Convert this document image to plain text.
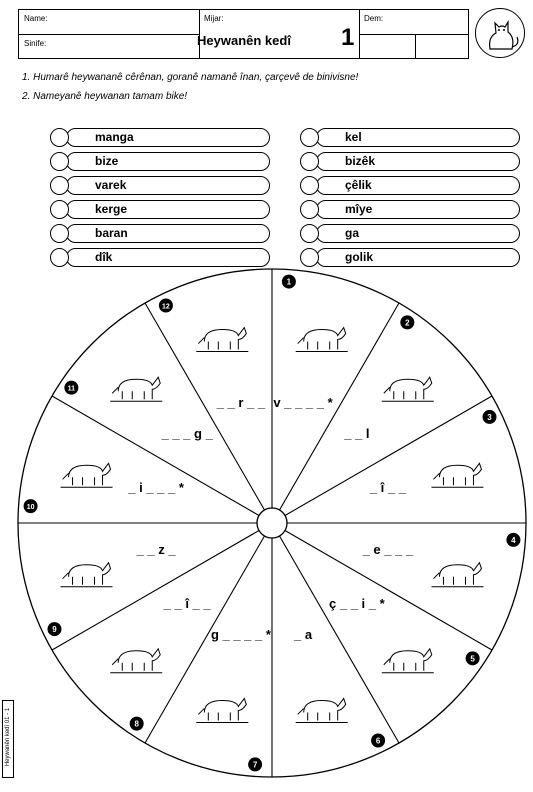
Name:
Sinife:
Mijar:	Dem:
Heywanên kedî 1
1. Humarê heywananê cêrênan, goranê namanê înan, çarçevê de binivisne!
2. Nameyanê heywanan tamam bike!
manga
bize
varek
kerge
baran
dîk
kel
bizêk
çêlik
mîye
ga
golik
1
v _ _ _ _ *
2
_ _ l
3
_ î _ _
4
_ e _ _ _
5
ç _ _ i _ *
6
_ a
7
g _ _ _ _ *
8
_ _ î _ _
9
_ _ z _
10
_ i _ _ _ *
11
_ _ _ g _
12
_ _ r _ _
Heywanên kedî 01 - 1
